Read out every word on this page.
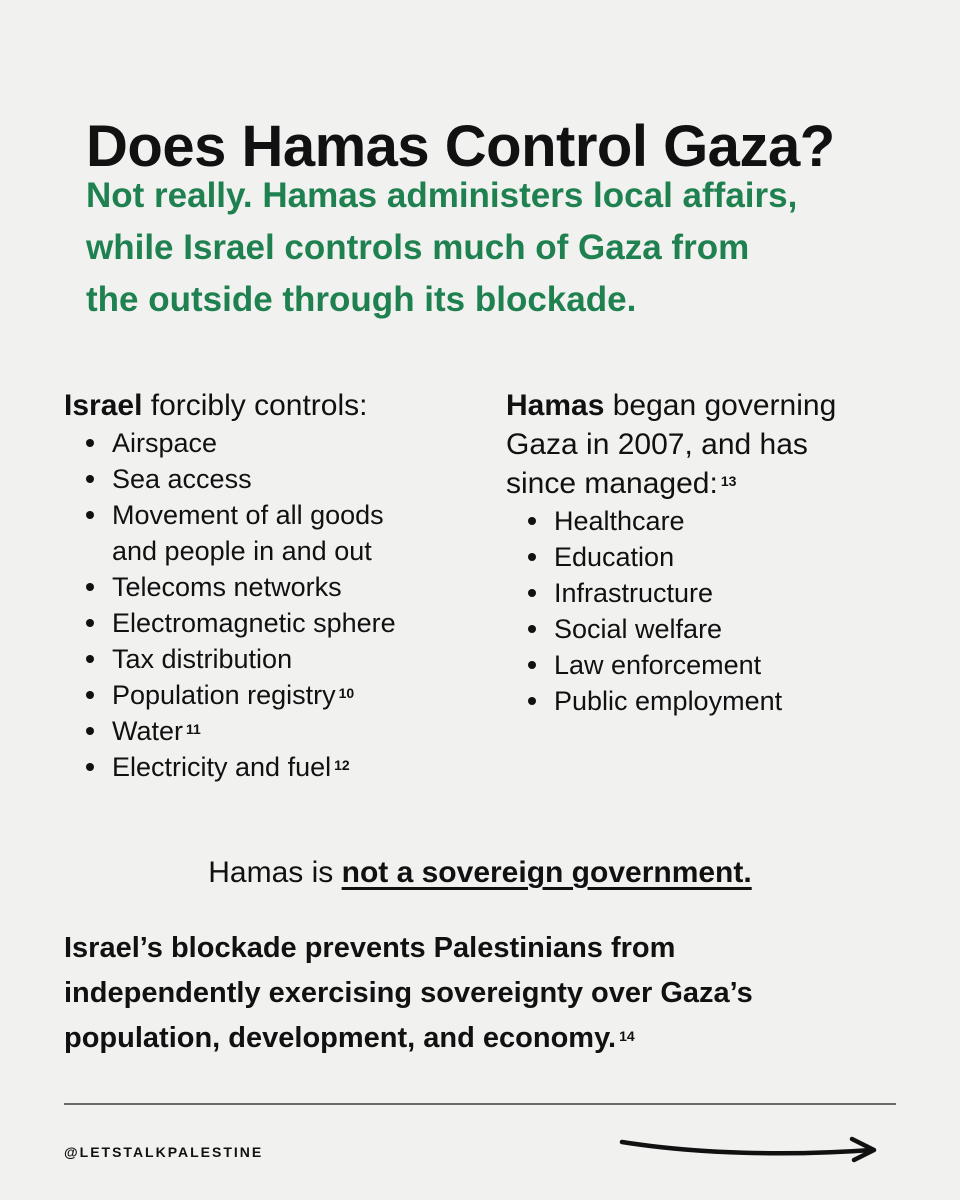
Does Hamas Control Gaza?
Not really. Hamas administers local affairs,
while Israel controls much of Gaza from
the outside through its blockade.

Israel forcibly controls:

Airspace
Sea access
Movement of all goods
and people in and out
Telecoms networks
Electromagnetic sphere
Tax distribution
Population registry $^{10}$
Water $^{11}$
Electricity and fuel $^{12}$

Hamas began governing
Gaza in 2007, and has
since managed: $^{13}$

Healthcare
Education
Infrastructure
Social welfare
Law enforcement
Public employment
Hamas is not a sovereign government.
Israel’s blockade prevents Palestinians from
independently exercising sovereignty over Gaza’s
population, development, and economy. $^{14}$
@LETSTALKPALESTINE
